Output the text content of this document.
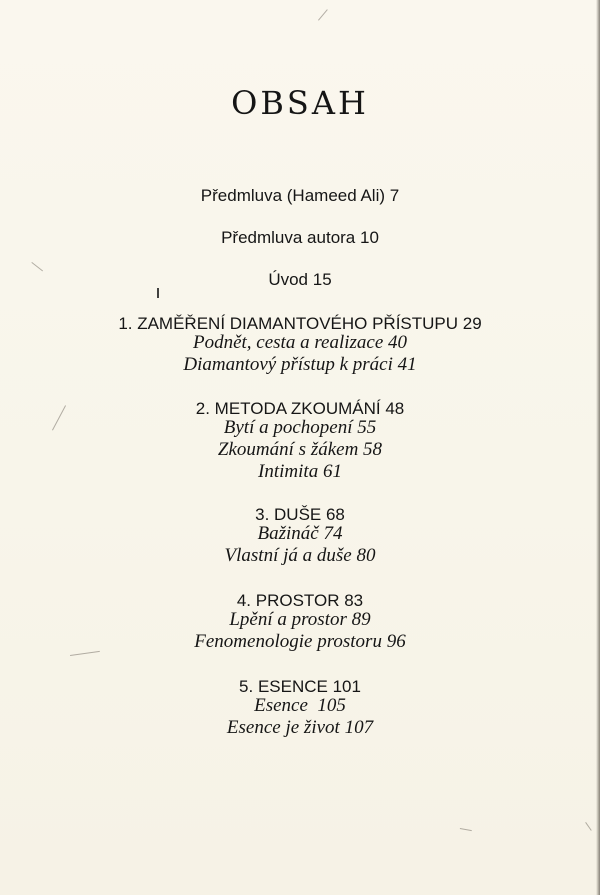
OBSAH
Předmluva (Hameed Ali) 7
Předmluva autora 10
Úvod 15
1. ZAMĚŘENÍ DIAMANTOVÉHO PŘÍSTUPU 29
Podnět, cesta a realizace 40
Diamantový přístup k práci 41
2. METODA ZKOUMÁNÍ 48
Bytí a pochopení 55
Zkoumání s žákem 58
Intimita 61
3. DUŠE 68
Bažináč 74
Vlastní já a duše 80
4. PROSTOR 83
Lpění a prostor 89
Fenomenologie prostoru 96
5. ESENCE 101
Esence  105
Esence je život 107
